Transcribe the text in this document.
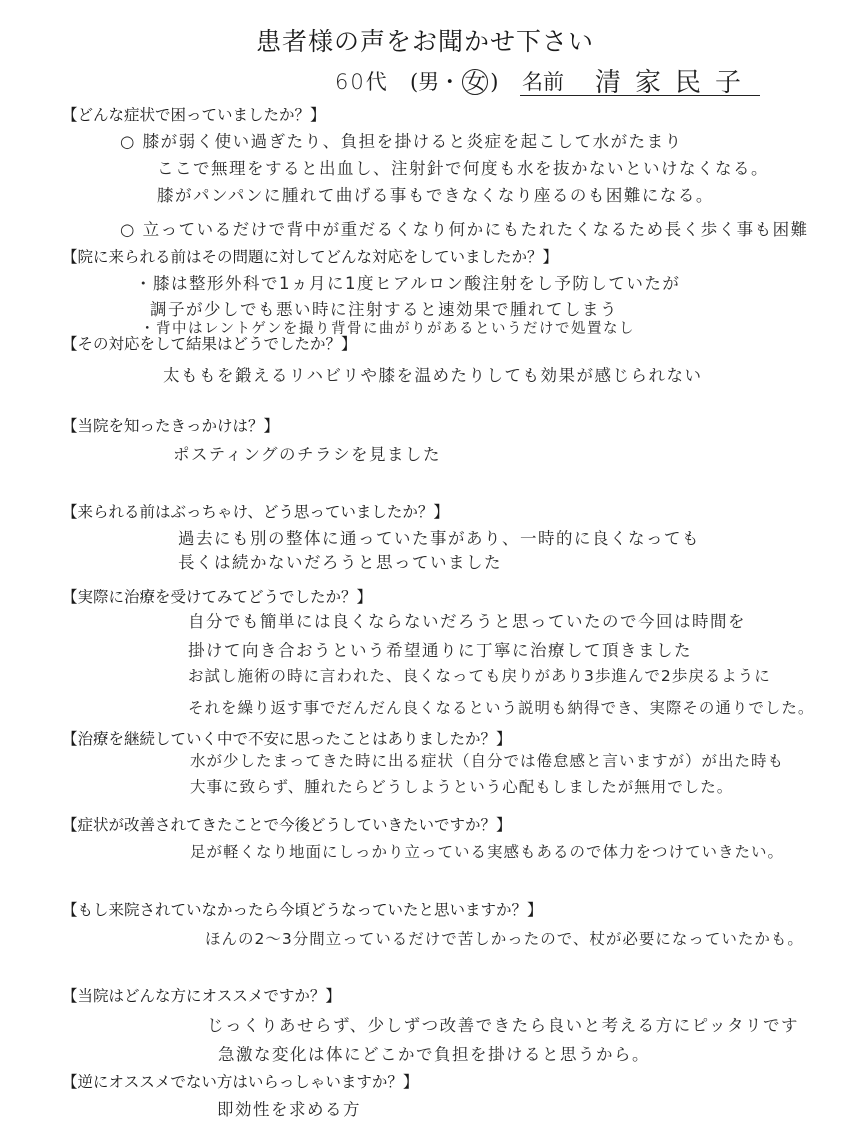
患者様の声をお聞かせ下さい
60代 (男・ 女 ) 名前 清家民子
【どんな症状で困っていましたか？】
○ 膝が弱く使い過ぎたり、負担を掛けると炎症を起こして水がたまり
ここで無理をすると出血し、注射針で何度も水を抜かないといけなくなる。
膝がパンパンに腫れて曲げる事もできなくなり座るのも困難になる。
○ 立っているだけで背中が重だるくなり何かにもたれたくなるため長く歩く事も困難
【院に来られる前はその問題に対してどんな対応をしていましたか？】
・膝は整形外科で1ヵ月に1度ヒアルロン酸注射をし予防していたが
調子が少しでも悪い時に注射すると速効果で腫れてしまう
・背中はレントゲンを撮り背骨に曲がりがあるというだけで処置なし
【その対応をして結果はどうでしたか？】
太ももを鍛えるリハビリや膝を温めたりしても効果が感じられない
【当院を知ったきっかけは？】
ポスティングのチラシを見ました
【来られる前はぶっちゃけ、どう思っていましたか？】
過去にも別の整体に通っていた事があり、一時的に良くなっても
長くは続かないだろうと思っていました
【実際に治療を受けてみてどうでしたか？】
自分でも簡単には良くならないだろうと思っていたので今回は時間を
掛けて向き合おうという希望通りに丁寧に治療して頂きました
お試し施術の時に言われた、良くなっても戻りがあり3歩進んで2歩戻るように
それを繰り返す事でだんだん良くなるという説明も納得でき、実際その通りでした。
【治療を継続していく中で不安に思ったことはありましたか？】
水が少したまってきた時に出る症状（自分では倦怠感と言いますが）が出た時も
大事に致らず、腫れたらどうしようという心配もしましたが無用でした。
【症状が改善されてきたことで今後どうしていきたいですか？】
足が軽くなり地面にしっかり立っている実感もあるので体力をつけていきたい。
【もし来院されていなかったら今頃どうなっていたと思いますか？】
ほんの2～3分間立っているだけで苦しかったので、杖が必要になっていたかも。
【当院はどんな方にオススメですか？】
じっくりあせらず、少しずつ改善できたら良いと考える方にピッタリです
急激な変化は体にどこかで負担を掛けると思うから。
【逆にオススメでない方はいらっしゃいますか？】
即効性を求める方
